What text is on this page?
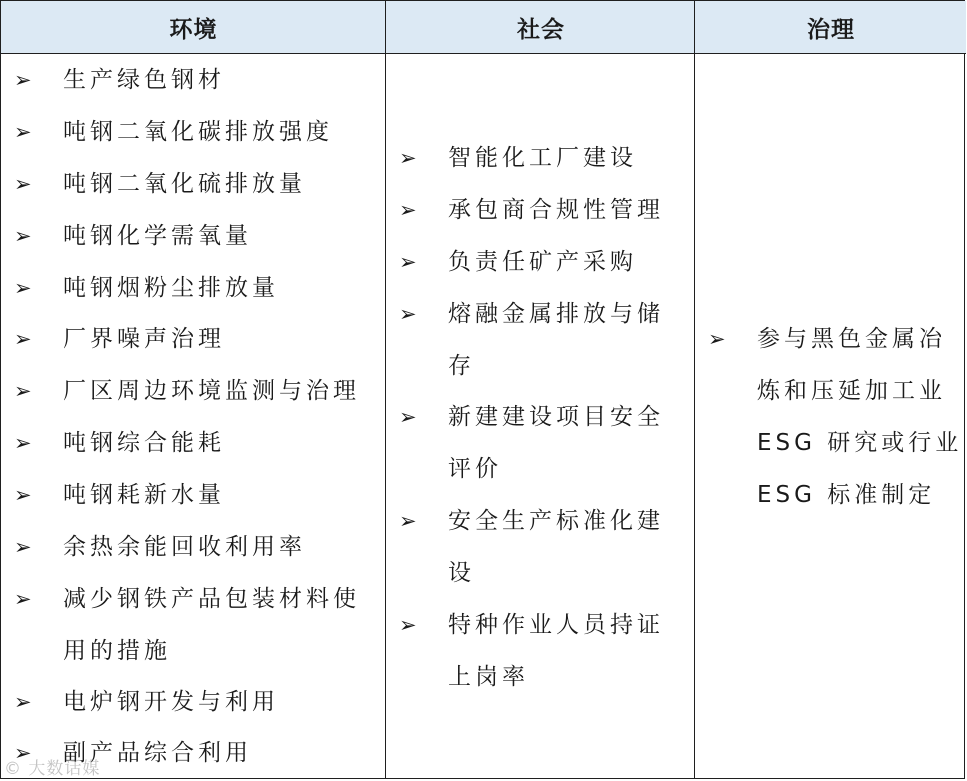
环境	社会	治理
➢ 生产绿色钢材
➢ 吨钢二氧化碳排放强度
➢ 吨钢二氧化硫排放量
➢ 吨钢化学需氧量
➢ 吨钢烟粉尘排放量
➢ 厂界噪声治理
➢ 厂区周边环境监测与治理
➢ 吨钢综合能耗
➢ 吨钢耗新水量
➢ 余热余能回收利用率
➢ 减少钢铁产品包装材料使
用的措施
➢ 电炉钢开发与利用
➢ 副产品综合利用
➢ 智能化工厂建设
➢ 承包商合规性管理
➢ 负责任矿产采购
➢ 熔融金属排放与储
存
➢ 新建建设项目安全
评价
➢ 安全生产标准化建
设
➢ 特种作业人员持证
上岗率
➢ 参与黑色金属冶
炼和压延加工业
ESG 研究或行业
ESG 标准制定
© 大数话媒
